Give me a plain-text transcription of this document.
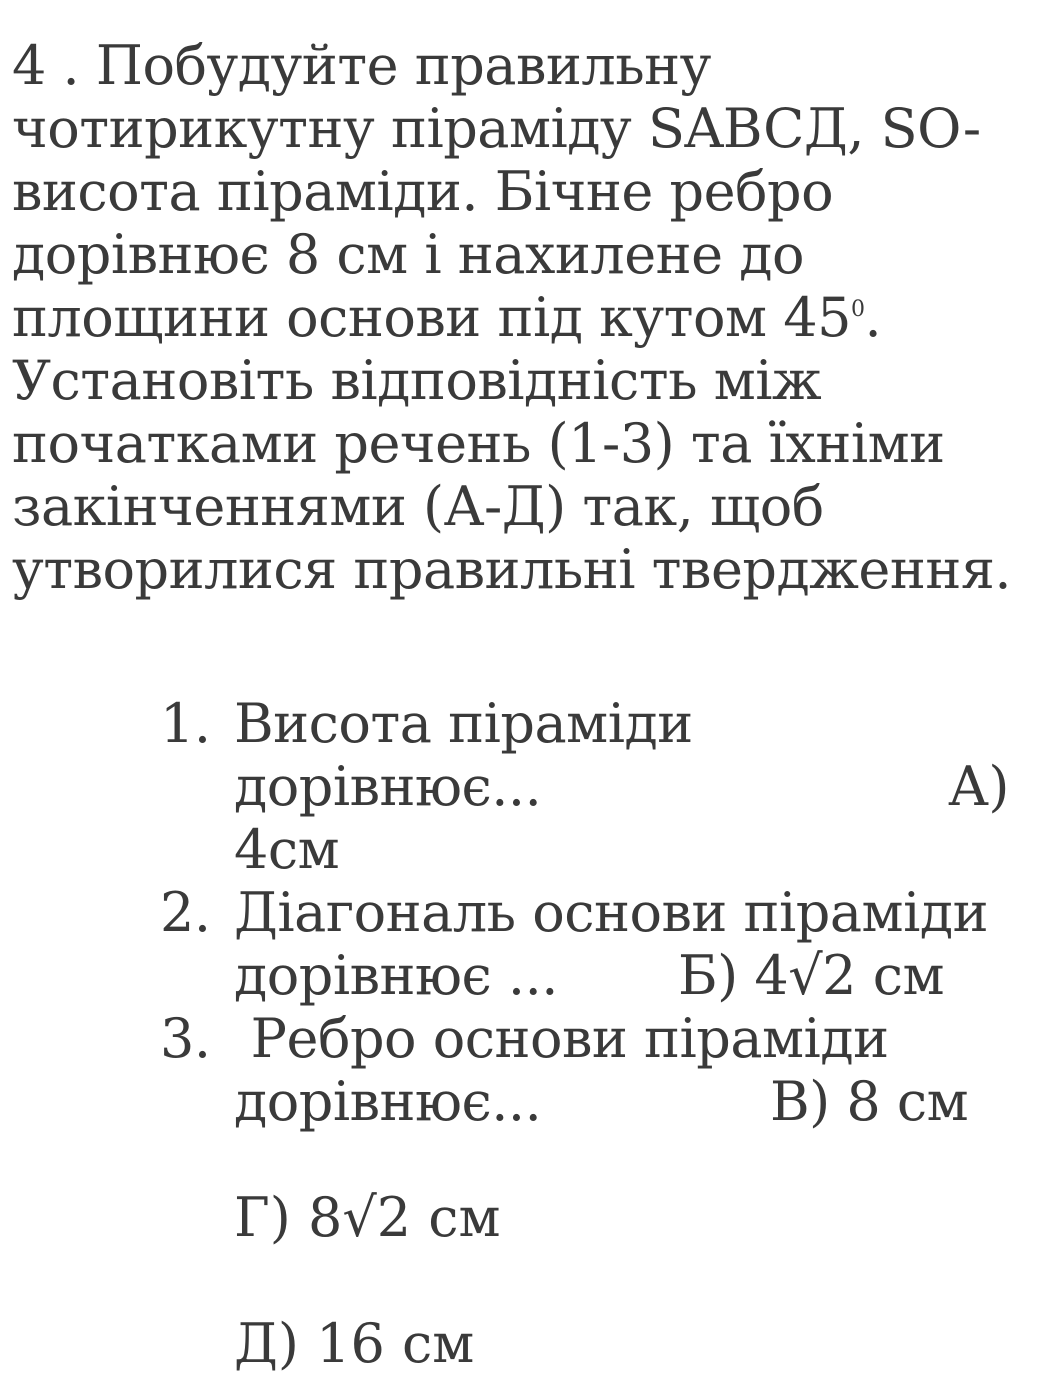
4 . Побудуйте правильну
чотирикутну піраміду SABCД, SO-
висота піраміди. Бічне ребро
дорівнює 8 см і нахилене до
площини основи під кутом $45^0$.
Установіть відповідність між
початками речень (1-3) та їхніми
закінченнями (А-Д) так, щоб
утворилися правильні твердження.
1. Висота піраміди
дорівнює...	А)
4см
2. Діагональ основи піраміди
дорівнює ... Б) 4√2 см
3. Ребро основи піраміди
дорівнює...	В) 8 см
Г) 8√2 см
Д) 16 см
